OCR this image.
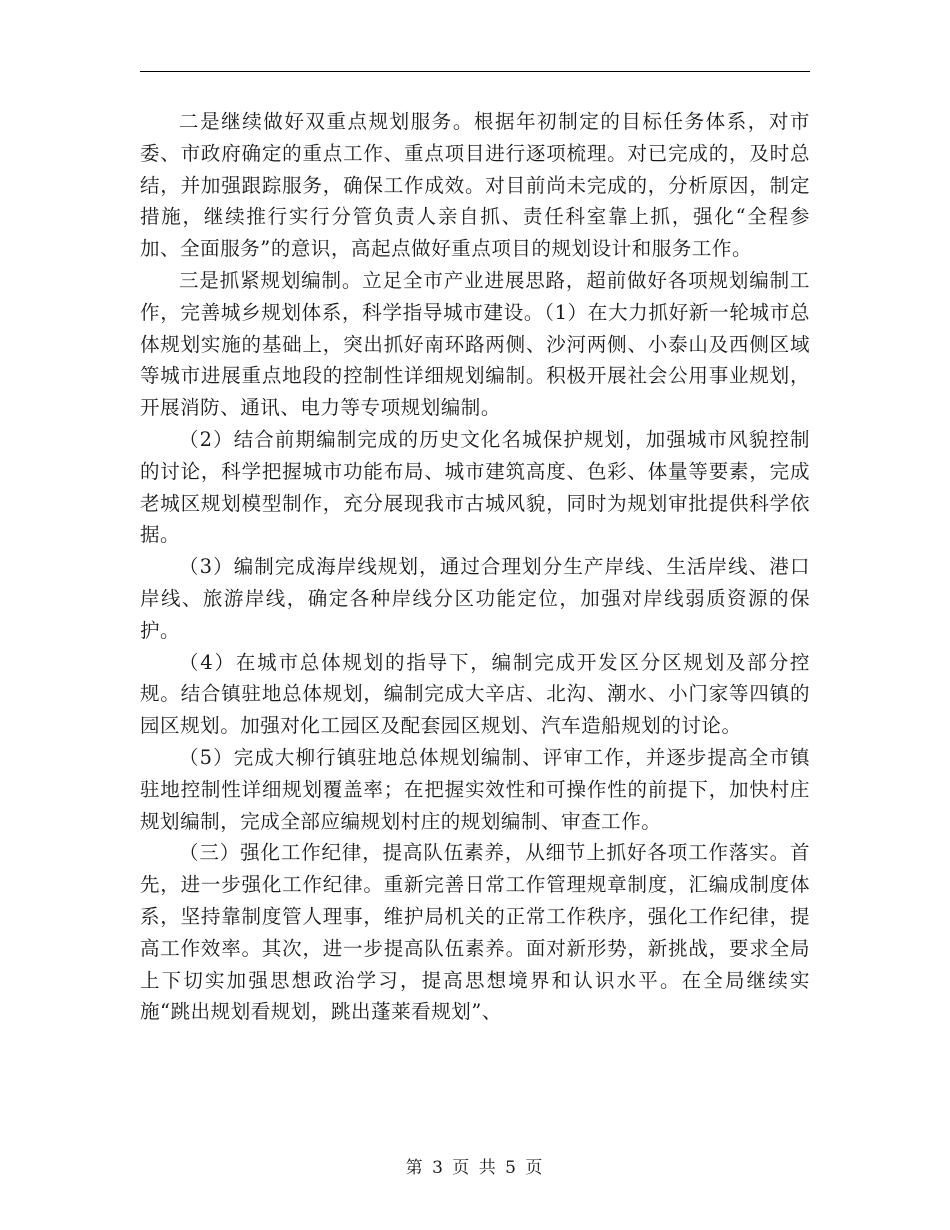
二是继续做好双重点规划服务。根据年初制定的目标任务体系，对市委、市政府确定的重点工作、重点项目进行逐项梳理。对已完成的，及时总结，并加强跟踪服务，确保工作成效。对目前尚未完成的，分析原因，制定措施，继续推行实行分管负责人亲自抓、责任科室靠上抓，强化“全程参加、全面服务”的意识，高起点做好重点项目的规划设计和服务工作。

三是抓紧规划编制。立足全市产业进展思路，超前做好各项规划编制工作，完善城乡规划体系，科学指导城市建设。（1）在大力抓好新一轮城市总体规划实施的基础上，突出抓好南环路两侧、沙河两侧、小泰山及西侧区域等城市进展重点地段的控制性详细规划编制。积极开展社会公用事业规划，开展消防、通讯、电力等专项规划编制。

（2）结合前期编制完成的历史文化名城保护规划，加强城市风貌控制的讨论，科学把握城市功能布局、城市建筑高度、色彩、体量等要素，完成老城区规划模型制作，充分展现我市古城风貌，同时为规划审批提供科学依据。

（3）编制完成海岸线规划，通过合理划分生产岸线、生活岸线、港口岸线、旅游岸线，确定各种岸线分区功能定位，加强对岸线弱质资源的保护。

（4）在城市总体规划的指导下，编制完成开发区分区规划及部分控规。结合镇驻地总体规划，编制完成大辛店、北沟、潮水、小门家等四镇的园区规划。加强对化工园区及配套园区规划、汽车造船规划的讨论。

（5）完成大柳行镇驻地总体规划编制、评审工作，并逐步提高全市镇驻地控制性详细规划覆盖率；在把握实效性和可操作性的前提下，加快村庄规划编制，完成全部应编规划村庄的规划编制、审查工作。

（三）强化工作纪律，提高队伍素养，从细节上抓好各项工作落实。首先，进一步强化工作纪律。重新完善日常工作管理规章制度，汇编成制度体系，坚持靠制度管人理事，维护局机关的正常工作秩序，强化工作纪律，提高工作效率。其次，进一步提高队伍素养。面对新形势，新挑战，要求全局上下切实加强思想政治学习，提高思想境界和认识水平。在全局继续实施“跳出规划看规划，跳出蓬莱看规划”、

第 3 页 共 5 页
